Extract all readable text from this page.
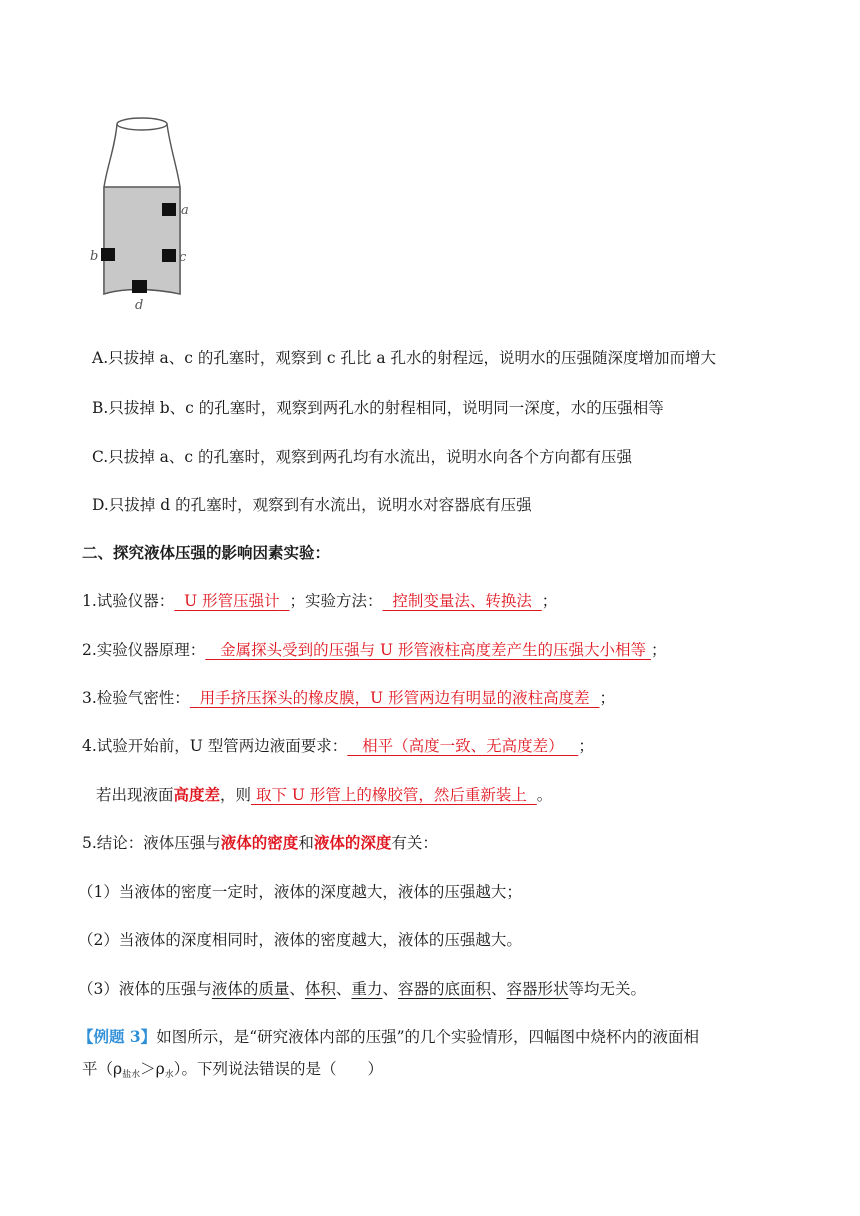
a
b	c
d
A.只拔掉 a、c 的孔塞时，观察到 c 孔比 a 孔水的射程远，说明水的压强随深度增加而增大
B.只拔掉 b、c 的孔塞时，观察到两孔水的射程相同，说明同一深度，水的压强相等
C.只拔掉 a、c 的孔塞时，观察到两孔均有水流出，说明水向各个方向都有压强
D.只拔掉 d 的孔塞时，观察到有水流出，说明水对容器底有压强
二、探究液体压强的影响因素实验：
1.试验仪器： U 形管压强计 ；实验方法： 控制变量法、转换法 ；
2.实验仪器原理： 金属探头受到的压强与 U 形管液柱高度差产生的压强大小相等 ；
3.检验气密性： 用手挤压探头的橡皮膜，U 形管两边有明显的液柱高度差 ；
4.试验开始前，U 型管两边液面要求： 相平（高度一致、无高度差） ；
若出现液面高度差，则 取下 U 形管上的橡胶管，然后重新装上 。
5.结论：液体压强与液体的密度和液体的深度有关：
（1）当液体的密度一定时，液体的深度越大，液体的压强越大；
（2）当液体的深度相同时，液体的密度越大，液体的压强越大。
（3）液体的压强与液体的质量、体积、重力、容器的底面积、容器形状等均无关。
【例题 3】如图所示，是“研究液体内部的压强”的几个实验情形，四幅图中烧杯内的液面相
平$(\rho_{盐水}>\rho_水)$。下列说法错误的是（　　）
